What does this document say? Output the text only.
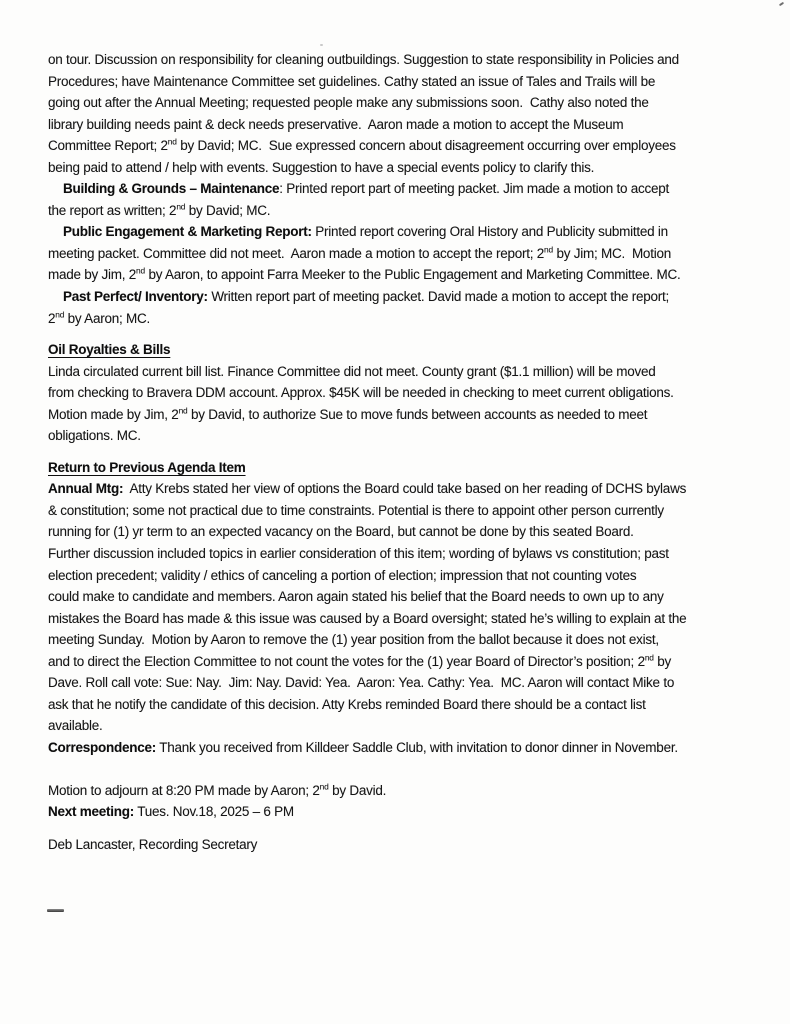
on tour. Discussion on responsibility for cleaning outbuildings. Suggestion to state responsibility in Policies and
Procedures; have Maintenance Committee set guidelines. Cathy stated an issue of Tales and Trails will be
going out after the Annual Meeting; requested people make any submissions soon.  Cathy also noted the
library building needs paint & deck needs preservative.  Aaron made a motion to accept the Museum
Committee Report; 2nd by David; MC.  Sue expressed concern about disagreement occurring over employees
being paid to attend / help with events. Suggestion to have a special events policy to clarify this.
Building & Grounds – Maintenance: Printed report part of meeting packet. Jim made a motion to accept
the report as written; 2nd by David; MC.
Public Engagement & Marketing Report: Printed report covering Oral History and Publicity submitted in
meeting packet. Committee did not meet.  Aaron made a motion to accept the report; 2nd by Jim; MC.  Motion
made by Jim, 2nd by Aaron, to appoint Farra Meeker to the Public Engagement and Marketing Committee. MC.
Past Perfect/ Inventory: Written report part of meeting packet. David made a motion to accept the report;
2nd by Aaron; MC.
Oil Royalties & Bills
Linda circulated current bill list. Finance Committee did not meet. County grant ($1.1 million) will be moved
from checking to Bravera DDM account. Approx. $45K will be needed in checking to meet current obligations.
Motion made by Jim, 2nd by David, to authorize Sue to move funds between accounts as needed to meet
obligations. MC.
Return to Previous Agenda Item
Annual Mtg:  Atty Krebs stated her view of options the Board could take based on her reading of DCHS bylaws
& constitution; some not practical due to time constraints. Potential is there to appoint other person currently
running for (1) yr term to an expected vacancy on the Board, but cannot be done by this seated Board.
Further discussion included topics in earlier consideration of this item; wording of bylaws vs constitution; past
election precedent; validity / ethics of canceling a portion of election; impression that not counting votes
could make to candidate and members. Aaron again stated his belief that the Board needs to own up to any
mistakes the Board has made & this issue was caused by a Board oversight; stated he’s willing to explain at the
meeting Sunday.  Motion by Aaron to remove the (1) year position from the ballot because it does not exist,
and to direct the Election Committee to not count the votes for the (1) year Board of Director’s position; 2nd by
Dave. Roll call vote: Sue: Nay.  Jim: Nay. David: Yea.  Aaron: Yea. Cathy: Yea.  MC. Aaron will contact Mike to
ask that he notify the candidate of this decision. Atty Krebs reminded Board there should be a contact list
available.
Correspondence: Thank you received from Killdeer Saddle Club, with invitation to donor dinner in November.
Motion to adjourn at 8:20 PM made by Aaron; 2nd by David.
Next meeting: Tues. Nov.18, 2025 – 6 PM
Deb Lancaster, Recording Secretary
